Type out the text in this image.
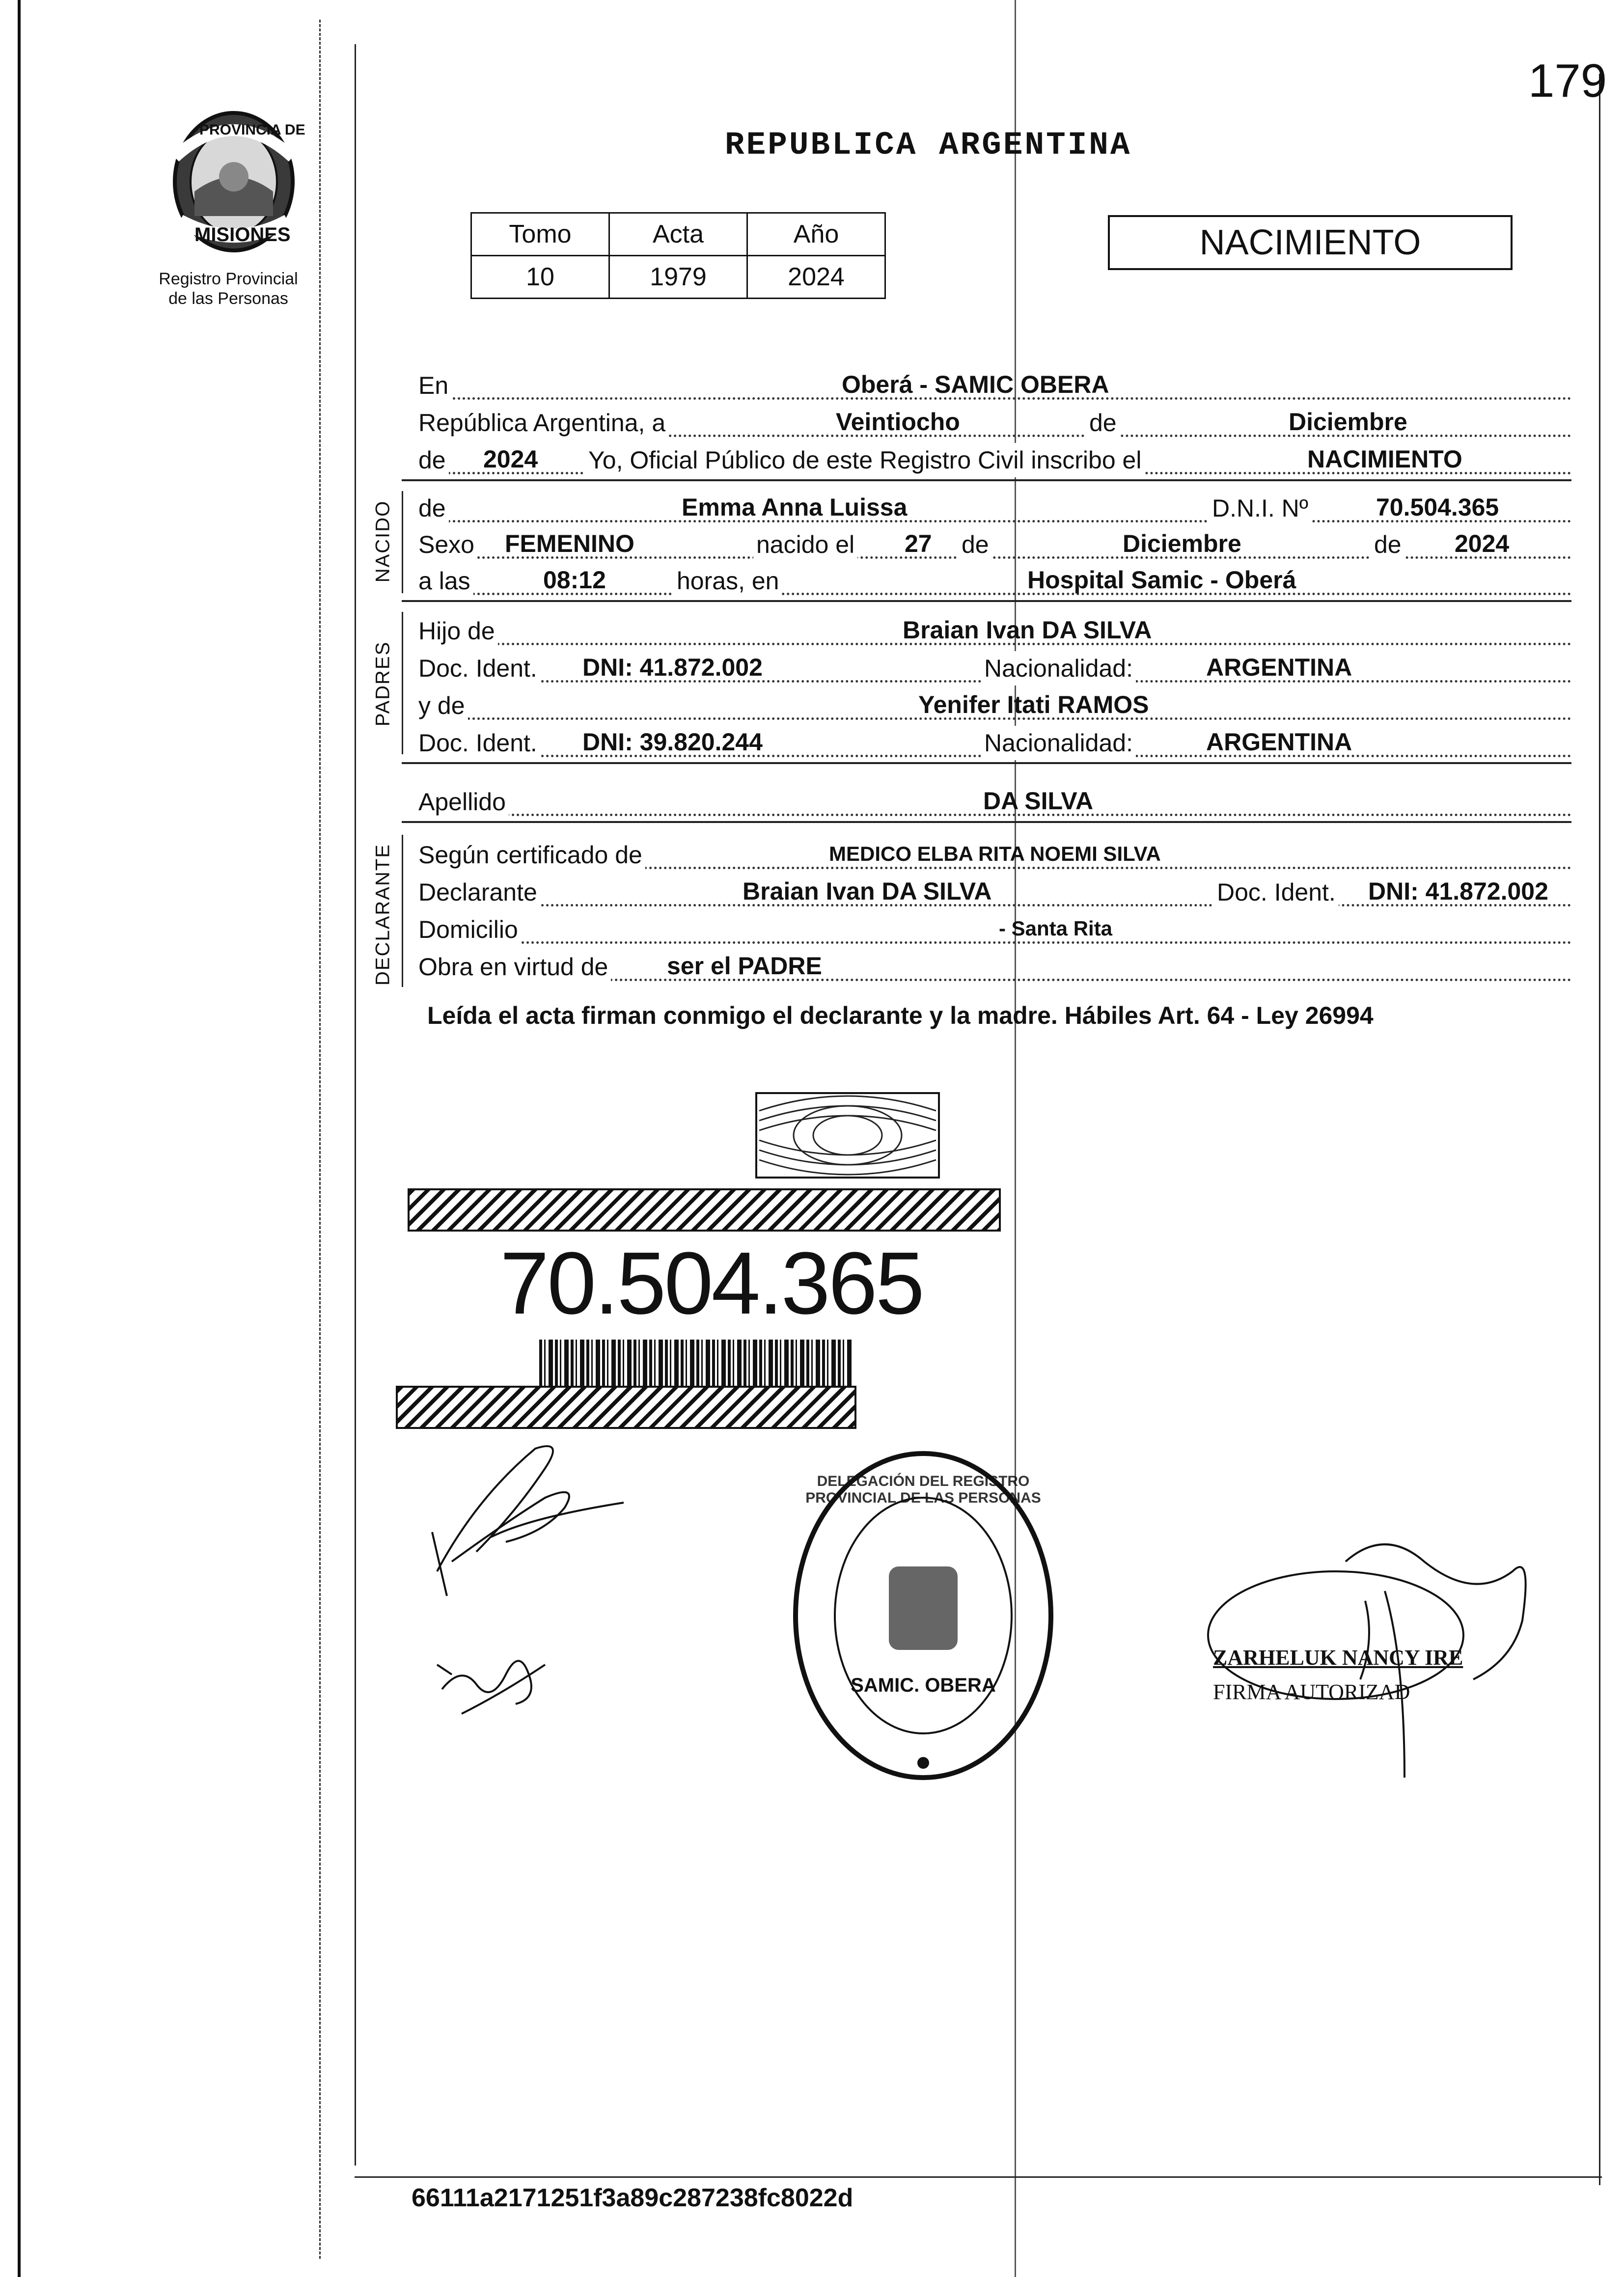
179
PROVINCIA DE
MISIONES
Registro Provincial
de las Personas
REPUBLICA ARGENTINA
Tomo	Acta	Año
10	1979	2024
NACIMIENTO
En	Oberá - SAMIC OBERA
República Argentina, a	Veintiocho	de	Diciembre
de 2024 Yo, Oficial Público de este Registro Civil inscribo el	NACIMIENTO
NACIDO de	Emma Anna Luissa	D.N.I. Nº	70.504.365
Sexo FEMENINO	nacido el 27 de	Diciembre	de 2024
a las	08:12	horas, en	Hospital Samic - Oberá
PADRES
Hijo de	Braian Ivan DA SILVA
Doc. Ident. DNI: 41.872.002	Nacionalidad:	ARGENTINA
y de	Yenifer Itati RAMOS
Doc. Ident. DNI: 39.820.244	Nacionalidad:	ARGENTINA
Apellido	DA SILVA
DECLARANTE Según certificado de	MEDICO ELBA RITA NOEMI SILVA
Declarante	Braian Ivan DA SILVA	Doc. Ident. DNI: 41.872.002
Domicilio	- Santa Rita
Obra en virtud de ser el PADRE
Leída el acta firman conmigo el declarante y la madre. Hábiles Art. 64 - Ley 26994
70.504.365
DELEGACIÓN DEL REGISTRO PROVINCIAL DE LAS PERSONAS
SAMIC. OBERA
ZARHELUK NANCY IRE
FIRMA AUTORIZAD
66111a2171251f3a89c287238fc8022d
